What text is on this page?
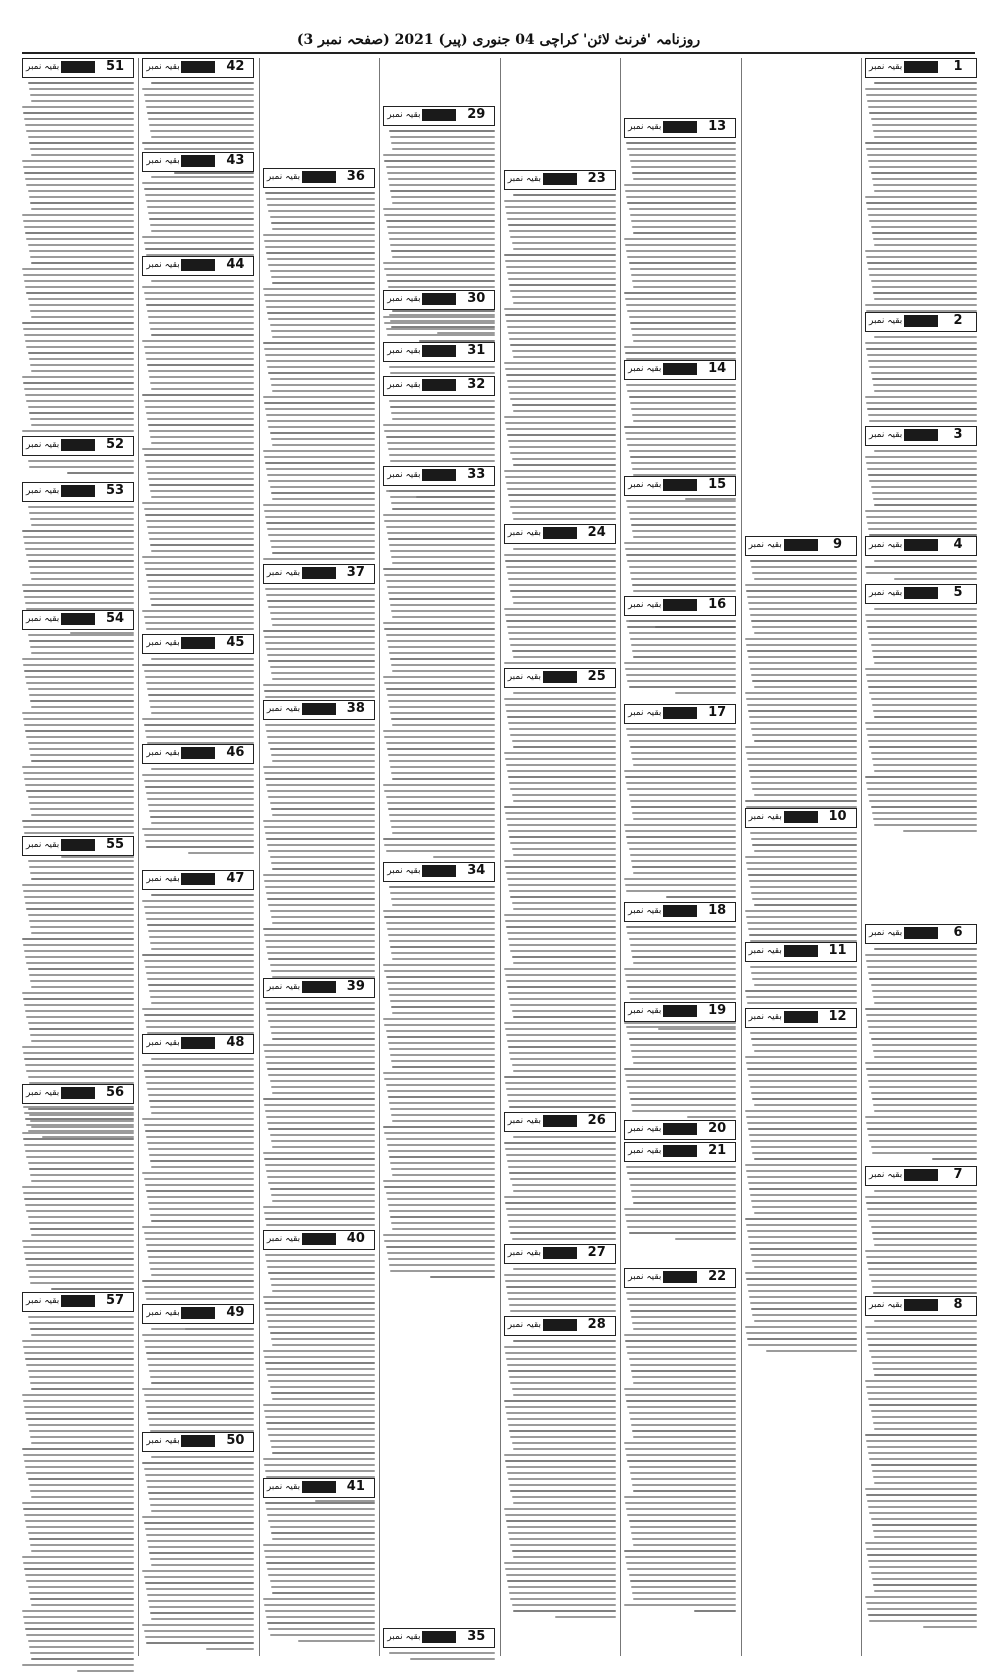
روزنامہ 'فرنٹ لائن' کراچی 04 جنوری (پیر) 2021 (صفحہ نمبر 3)
1
بقیہ نمبر
2
بقیہ نمبر
3
بقیہ نمبر
4
بقیہ نمبر
5
بقیہ نمبر
6
بقیہ نمبر
7
بقیہ نمبر
8
بقیہ نمبر
9
بقیہ نمبر
10
بقیہ نمبر
11
بقیہ نمبر
12
بقیہ نمبر
13
بقیہ نمبر
14
بقیہ نمبر
15
بقیہ نمبر
16
بقیہ نمبر
17
بقیہ نمبر
18
بقیہ نمبر
19
بقیہ نمبر
20
بقیہ نمبر
21
بقیہ نمبر
22
بقیہ نمبر
23
بقیہ نمبر
24
بقیہ نمبر
25
بقیہ نمبر
26
بقیہ نمبر
27
بقیہ نمبر
28
بقیہ نمبر
29
بقیہ نمبر
30
بقیہ نمبر
31
بقیہ نمبر
32
بقیہ نمبر
33
بقیہ نمبر
34
بقیہ نمبر
35
بقیہ نمبر
36
بقیہ نمبر
37
بقیہ نمبر
38
بقیہ نمبر
39
بقیہ نمبر
40
بقیہ نمبر
41
بقیہ نمبر
42
بقیہ نمبر
43
بقیہ نمبر
44
بقیہ نمبر
45
بقیہ نمبر
46
بقیہ نمبر
47
بقیہ نمبر
48
بقیہ نمبر
49
بقیہ نمبر
50
بقیہ نمبر
51
بقیہ نمبر
52
بقیہ نمبر
53
بقیہ نمبر
54
بقیہ نمبر
55
بقیہ نمبر
56
بقیہ نمبر
57
بقیہ نمبر
